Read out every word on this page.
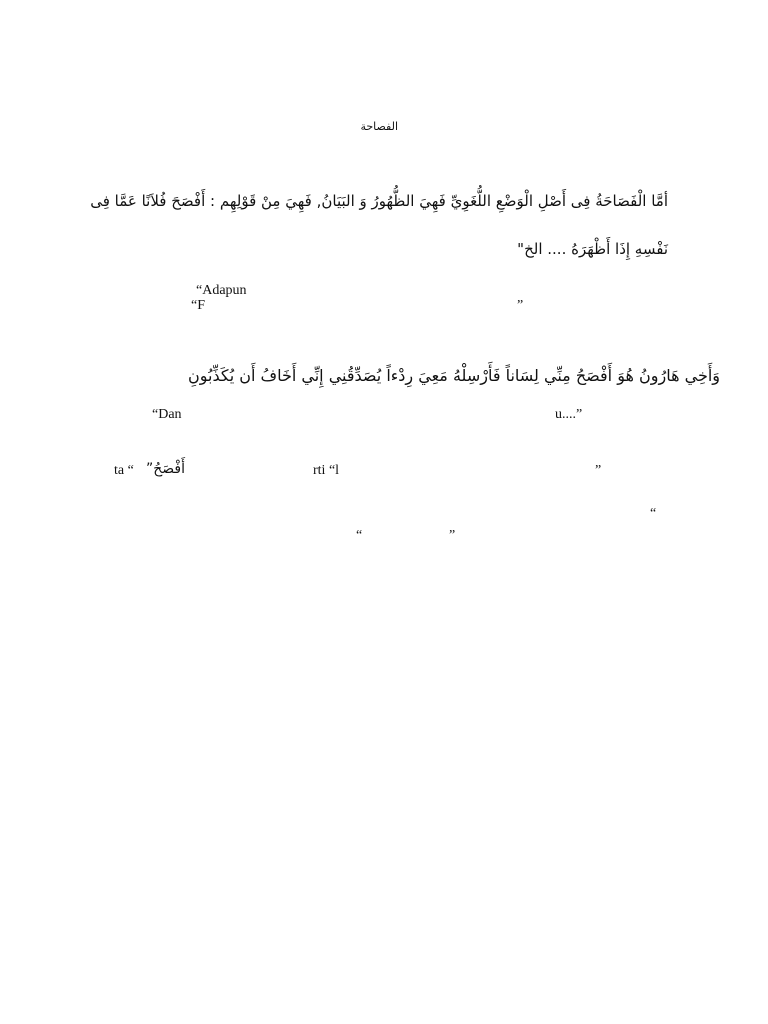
الفصاحة
أمَّا الْفَصَاحَةُ فِى أَصْلِ الْوَضْعِ اللُّغَوِيِّ فَهِيَ الظُّهُورُ وَ البَيَانُ, فَهِيَ مِنْ قَوْلِهِم : أَفْصَحَ فُلاَنًا عَمَّا فِى
نَفْسِهِ إِذَا أَظْهَرَهُ .... الخ"
“Adapun
“F	”
وَأَخِي هَارُونُ هُوَ أَفْصَحُ مِنِّي لِسَاناً فَأَرْسِلْهُ مَعِيَ رِدْءاً يُصَدِّقُنِي إِنِّي أَخَافُ أَن يُكَذِّبُونِ
“Dan	u....”
ta “ أَفْصَحُ”	rti “l	”
“
“	”
